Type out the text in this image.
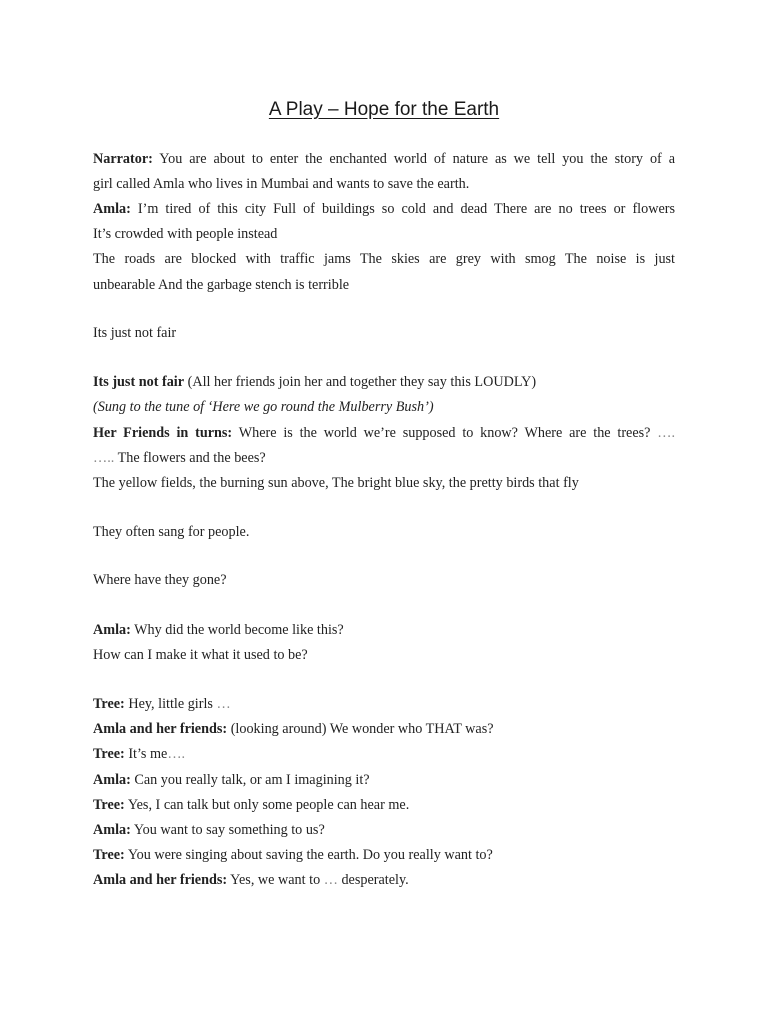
A Play – Hope for the Earth
Narrator: You are about to enter the enchanted world of nature as we tell you the story of a
girl called Amla who lives in Mumbai and wants to save the earth.
Amla: I’m tired of this city Full of buildings so cold and dead There are no trees or flowers
It’s crowded with people instead
The roads are blocked with traffic jams The skies are grey with smog The noise is just
unbearable And the garbage stench is terrible
Its just not fair
Its just not fair (All her friends join her and together they say this LOUDLY)
(Sung to the tune of ‘Here we go round the Mulberry Bush’)
Her Friends in turns: Where is the world we’re supposed to know? Where are the trees? ….
….. The flowers and the bees?
The yellow fields, the burning sun above, The bright blue sky, the pretty birds that fly
They often sang for people.
Where have they gone?
Amla: Why did the world become like this?
How can I make it what it used to be?
Tree: Hey, little girls …
Amla and her friends: (looking around) We wonder who THAT was?
Tree: It’s me….
Amla: Can you really talk, or am I imagining it?
Tree: Yes, I can talk but only some people can hear me.
Amla: You want to say something to us?
Tree: You were singing about saving the earth. Do you really want to?
Amla and her friends: Yes, we want to … desperately.
